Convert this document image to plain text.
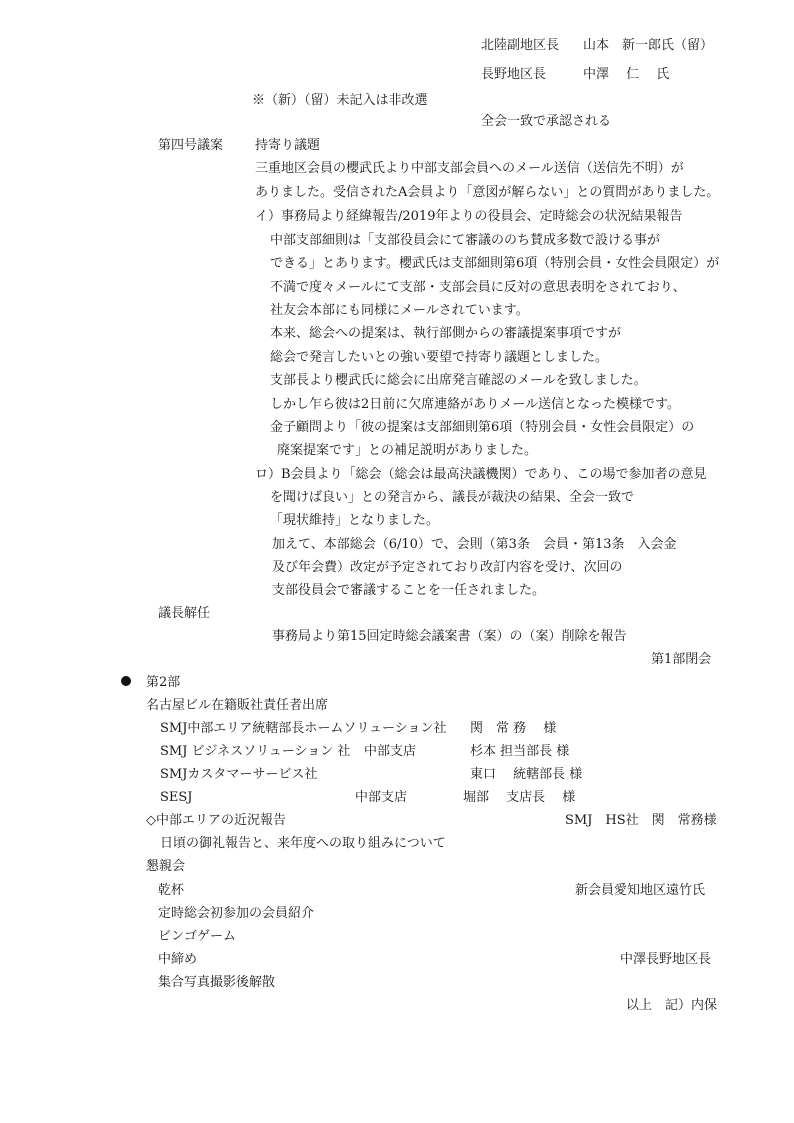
北陸副地区長 山本　新一郎氏（留）
長野地区長	中澤　 仁　 氏
※（新）（留）未記入は非改選
全会一致で承認される
第四号議案 持寄り議題
三重地区会員の櫻武氏より中部支部会員へのメール送信（送信先不明）が
ありました。受信されたA会員より「意図が解らない」との質問がありました。
イ）事務局より経緯報告/2019年よりの役員会、定時総会の状況結果報告
中部支部細則は「支部役員会にて審議ののち賛成多数で設ける事が
できる」とあります。櫻武氏は支部細則第6項（特別会員・女性会員限定）が
不満で度々メールにて支部・支部会員に反対の意思表明をされており、
社友会本部にも同様にメールされています。
本来、総会への提案は、執行部側からの審議提案事項ですが
総会で発言したいとの強い要望で持寄り議題としました。
支部長より櫻武氏に総会に出席発言確認のメールを致しました。
しかし乍ら彼は2日前に欠席連絡がありメール送信となった模様です。
金子顧問より「彼の提案は支部細則第6項（特別会員・女性会員限定）の
廃案提案です」との補足説明がありました。
ロ）B会員より「総会（総会は最高決議機関）であり、この場で参加者の意見
を聞けば良い」との発言から、議長が裁決の結果、全会一致で
「現状維持」となりました。
加えて、本部総会（6/10）で、会則（第3条　会員・第13条　入会金
及び年会費）改定が予定されており改訂内容を受け、次回の
支部役員会で審議することを一任されました。
議長解任
事務局より第15回定時総会議案書（案）の（案）削除を報告
第1部閉会
第2部
名古屋ビル在籍販社責任者出席
SMJ中部エリア統轄部長ホームソリューション社 関　常 務　 様
SMJ ビジネスソリューション 社 中部支店	杉本 担当部長 様
SMJカスタマーサービス社	東口　 統轄部長 様
SESJ	中部支店	堀部　 支店長　 様
◇中部エリアの近況報告	SMJ　HS社　関　常務様
日頃の御礼報告と、来年度への取り組みについて
懇親会
乾杯	新会員愛知地区遠竹氏
定時総会初参加の会員紹介
ビンゴゲーム
中締め	中澤長野地区長
集合写真撮影後解散
以上　記）内保
